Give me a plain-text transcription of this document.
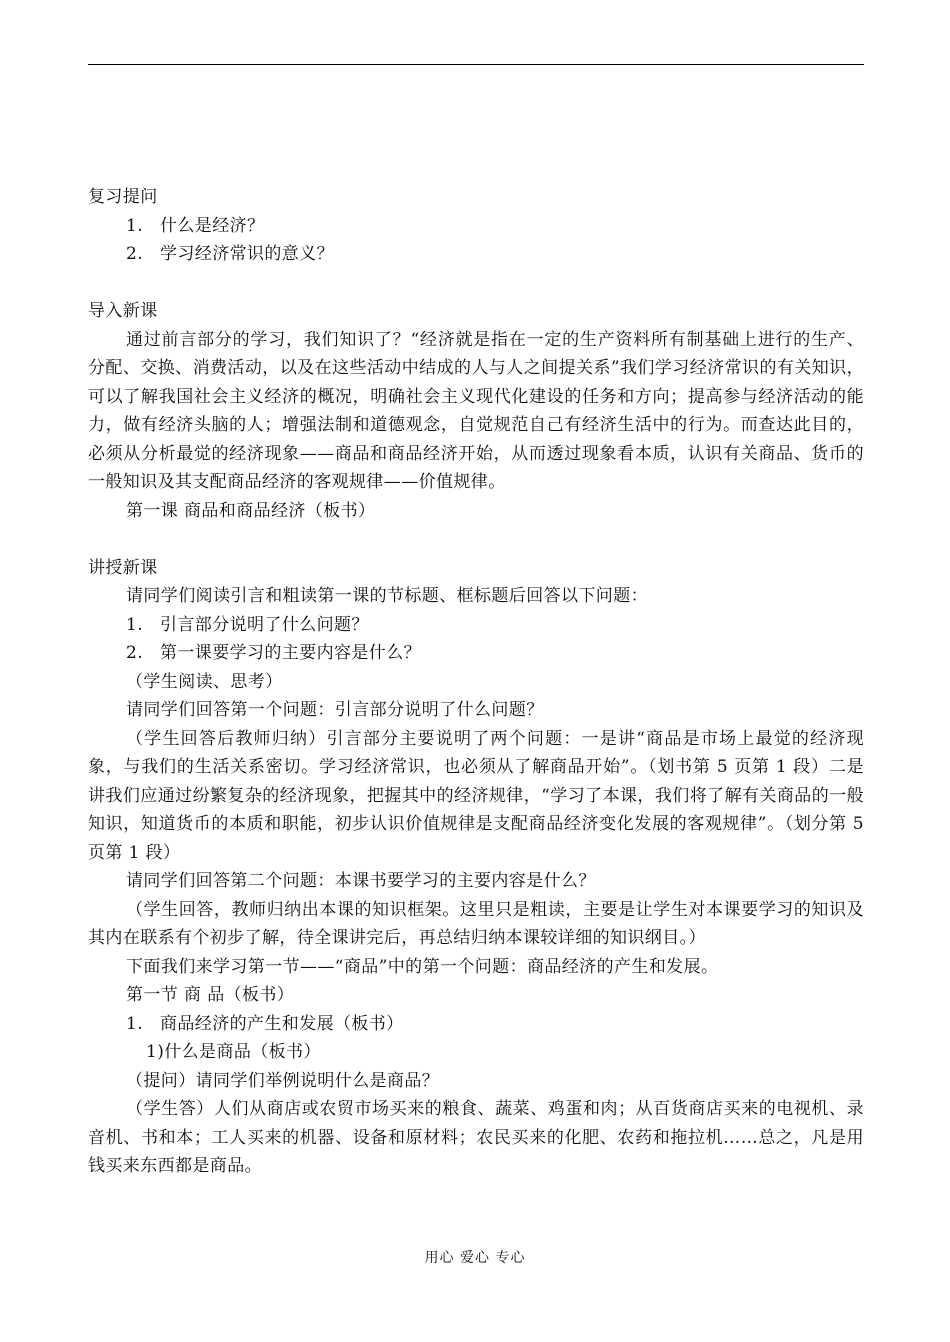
复习提问

1. 什么是经济？

2. 学习经济常识的意义？

导入新课

通过前言部分的学习，我们知识了？“经济就是指在一定的生产资料所有制基础上进行的生产、分配、交换、消费活动，以及在这些活动中结成的人与人之间提关系”我们学习经济常识的有关知识，可以了解我国社会主义经济的概况，明确社会主义现代化建设的任务和方向；提高参与经济活动的能力，做有经济头脑的人；增强法制和道德观念，自觉规范自己有经济生活中的行为。而查达此目的，必须从分析最觉的经济现象——商品和商品经济开始，从而透过现象看本质，认识有关商品、货币的一般知识及其支配商品经济的客观规律——价值规律。

第一课 商品和商品经济（板书）

讲授新课

请同学们阅读引言和粗读第一课的节标题、框标题后回答以下问题：

1. 引言部分说明了什么问题？

2. 第一课要学习的主要内容是什么？

（学生阅读、思考）

请同学们回答第一个问题：引言部分说明了什么问题？

（学生回答后教师归纳）引言部分主要说明了两个问题：一是讲“商品是市场上最觉的经济现象，与我们的生活关系密切。学习经济常识，也必须从了解商品开始”。（划书第 5 页第 1 段）二是讲我们应通过纷繁复杂的经济现象，把握其中的经济规律，“学习了本课，我们将了解有关商品的一般知识，知道货币的本质和职能，初步认识价值规律是支配商品经济变化发展的客观规律”。（划分第 5 页第 1 段）

请同学们回答第二个问题：本课书要学习的主要内容是什么？

（学生回答，教师归纳出本课的知识框架。这里只是粗读，主要是让学生对本课要学习的知识及其内在联系有个初步了解，待全课讲完后，再总结归纳本课较详细的知识纲目。）

下面我们来学习第一节——“商品”中的第一个问题：商品经济的产生和发展。

第一节 商 品（板书）

1. 商品经济的产生和发展（板书）

1)什么是商品（板书）

（提问）请同学们举例说明什么是商品？

（学生答）人们从商店或农贸市场买来的粮食、蔬菜、鸡蛋和肉；从百货商店买来的电视机、录音机、书和本；工人买来的机器、设备和原材料；农民买来的化肥、农药和拖拉机……总之，凡是用钱买来东西都是商品。

用心 爱心 专心
